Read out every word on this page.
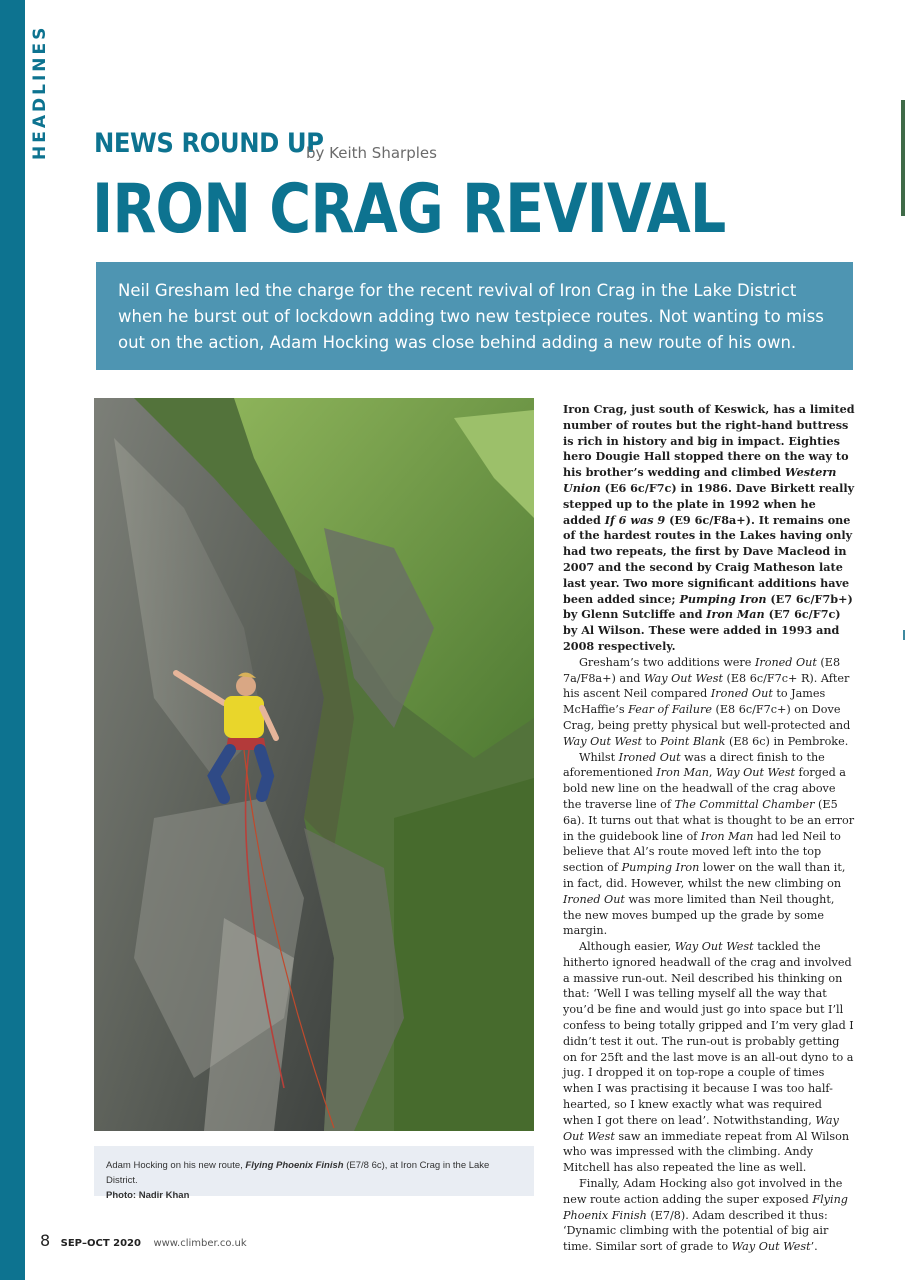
HEADLINES	NEWS ROUND UP
by Keith Sharples
IRON CRAG REVIVAL
Neil Gresham led the charge for the recent revival of Iron Crag in the Lake District when he burst out of lockdown adding two new testpiece routes. Not wanting to miss out on the action, Adam Hocking was close behind adding a new route of his own.
Adam Hocking on his new route, Flying Phoenix Finish (E7/8 6c), at Iron Crag in the Lake District.
Photo: Nadir Khan

Iron Crag, just south of Keswick, has a limited number of routes but the right-hand buttress is rich in history and big in impact. Eighties hero Dougie Hall stopped there on the way to his brother’s wedding and climbed Western Union (E6 6c/F7c) in 1986. Dave Birkett really stepped up to the plate in 1992 when he added If 6 was 9 (E9 6c/F8a+). It remains one of the hardest routes in the Lakes having only had two repeats, the first by Dave Macleod in 2007 and the second by Craig Matheson late last year. Two more significant additions have been added since; Pumping Iron (E7 6c/F7b+) by Glenn Sutcliffe and Iron Man (E7 6c/F7c) by Al Wilson. These were added in 1993 and 2008 respectively.

Gresham’s two additions were Ironed Out (E8 7a/F8a+) and Way Out West (E8 6c/F7c+ R). After his ascent Neil compared Ironed Out to James McHaffie’s Fear of Failure (E8 6c/F7c+) on Dove Crag, being pretty physical but well-protected and Way Out West to Point Blank (E8 6c) in Pembroke.

Whilst Ironed Out was a direct finish to the aforementioned Iron Man, Way Out West forged a bold new line on the headwall of the crag above the traverse line of The Committal Chamber (E5 6a). It turns out that what is thought to be an error in the guidebook line of Iron Man had led Neil to believe that Al’s route moved left into the top section of Pumping Iron lower on the wall than it, in fact, did. However, whilst the new climbing on Ironed Out was more limited than Neil thought, the new moves bumped up the grade by some margin.

Although easier, Way Out West tackled the hitherto ignored headwall of the crag and involved a massive run-out. Neil described his thinking on that: ‘Well I was telling myself all the way that you’d be fine and would just go into space but I’ll confess to being totally gripped and I’m very glad I didn’t test it out. The run-out is probably getting on for 25ft and the last move is an all-out dyno to a jug. I dropped it on top-rope a couple of times when I was practising it because I was too half-hearted, so I knew exactly what was required when I got there on lead’. Notwithstanding, Way Out West saw an immediate repeat from Al Wilson who was impressed with the climbing. Andy Mitchell has also repeated the line as well.

Finally, Adam Hocking also got involved in the new route action adding the super exposed Flying Phoenix Finish (E7/8). Adam described it thus: ‘Dynamic climbing with the potential of big air time. Similar sort of grade to Way Out West’.

8 SEP–OCT 2020 www.climber.co.uk
